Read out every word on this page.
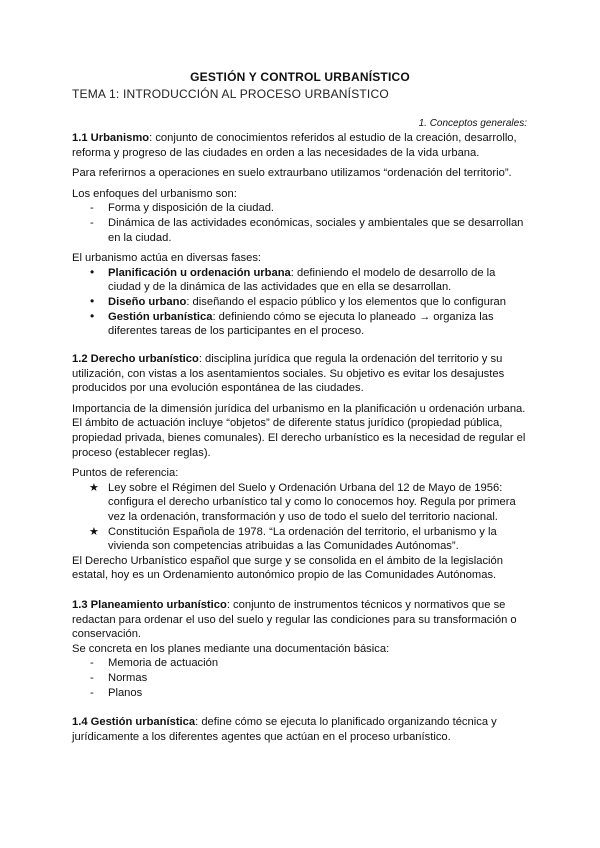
GESTIÓN Y CONTROL URBANÍSTICO
TEMA 1: INTRODUCCIÓN AL PROCESO URBANÍSTICO
1. Conceptos generales:

1.1 Urbanismo: conjunto de conocimientos referidos al estudio de la creación, desarrollo, reforma y progreso de las ciudades en orden a las necesidades de la vida urbana.

Para referirnos a operaciones en suelo extraurbano utilizamos “ordenación del territorio”.

Los enfoques del urbanismo son:

- Forma y disposición de la ciudad.
- Dinámica de las actividades económicas, sociales y ambientales que se desarrollan en la ciudad.

El urbanismo actúa en diversas fases:

• Planificación u ordenación urbana: definiendo el modelo de desarrollo de la ciudad y de la dinámica de las actividades que en ella se desarrollan.
• Diseño urbano: diseñando el espacio público y los elementos que lo configuran
• Gestión urbanística: definiendo cómo se ejecuta lo planeado → organiza las diferentes tareas de los participantes en el proceso.

1.2 Derecho urbanístico: disciplina jurídica que regula la ordenación del territorio y su utilización, con vistas a los asentamientos sociales. Su objetivo es evitar los desajustes producidos por una evolución espontánea de las ciudades.

Importancia de la dimensión jurídica del urbanismo en la planificación u ordenación urbana. El ámbito de actuación incluye “objetos” de diferente status jurídico (propiedad pública, propiedad privada, bienes comunales). El derecho urbanístico es la necesidad de regular el proceso (establecer reglas).

Puntos de referencia:

★ Ley sobre el Régimen del Suelo y Ordenación Urbana del 12 de Mayo de 1956: configura el derecho urbanístico tal y como lo conocemos hoy. Regula por primera vez la ordenación, transformación y uso de todo el suelo del territorio nacional.
★ Constitución Española de 1978. “La ordenación del territorio, el urbanismo y la vivienda son competencias atribuidas a las Comunidades Autónomas”.

El Derecho Urbanístico español que surge y se consolida en el ámbito de la legislación estatal, hoy es un Ordenamiento autonómico propio de las Comunidades Autónomas.

1.3 Planeamiento urbanístico: conjunto de instrumentos técnicos y normativos que se redactan para ordenar el uso del suelo y regular las condiciones para su transformación o conservación.

Se concreta en los planes mediante una documentación básica:

- Memoria de actuación
- Normas
- Planos

1.4 Gestión urbanística: define cómo se ejecuta lo planificado organizando técnica y jurídicamente a los diferentes agentes que actúan en el proceso urbanístico.
